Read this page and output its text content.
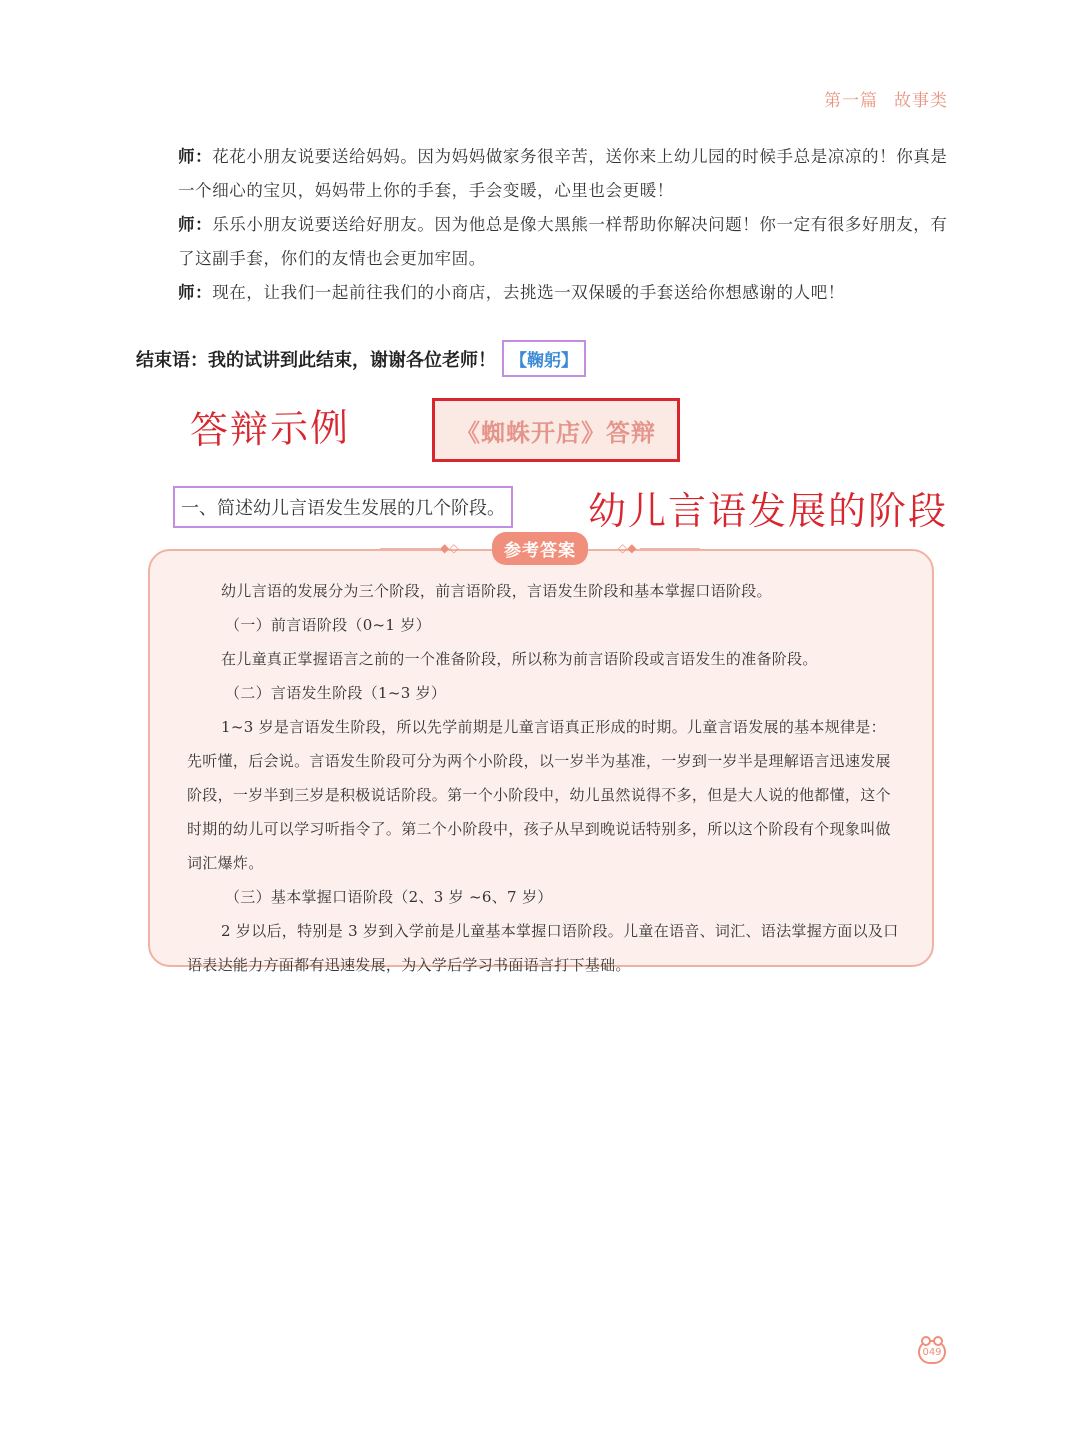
第一篇 故事类

师：花花小朋友说要送给妈妈。因为妈妈做家务很辛苦，送你来上幼儿园的时候手总是凉凉的！你真是一个细心的宝贝，妈妈带上你的手套，手会变暖，心里也会更暖！

师：乐乐小朋友说要送给好朋友。因为他总是像大黑熊一样帮助你解决问题！你一定有很多好朋友，有了这副手套，你们的友情也会更加牢固。

师：现在，让我们一起前往我们的小商店，去挑选一双保暖的手套送给你想感谢的人吧！

结束语：我的试讲到此结束，谢谢各位老师！ 【鞠躬】
答辩示例	《蜘蛛开店》答辩
一、简述幼儿言语发生发展的几个阶段。 幼儿言语发展的阶段
◆◇	◇◆
参考答案

幼儿言语的发展分为三个阶段，前言语阶段，言语发生阶段和基本掌握口语阶段。

（一）前言语阶段（0~1 岁）

在儿童真正掌握语言之前的一个准备阶段，所以称为前言语阶段或言语发生的准备阶段。

（二）言语发生阶段（1~3 岁）

1~3 岁是言语发生阶段，所以先学前期是儿童言语真正形成的时期。儿童言语发展的基本规律是：先听懂，后会说。言语发生阶段可分为两个小阶段，以一岁半为基准，一岁到一岁半是理解语言迅速发展阶段，一岁半到三岁是积极说话阶段。第一个小阶段中，幼儿虽然说得不多，但是大人说的他都懂，这个时期的幼儿可以学习听指令了。第二个小阶段中，孩子从早到晚说话特别多，所以这个阶段有个现象叫做词汇爆炸。

（三）基本掌握口语阶段（2、3 岁 ~6、7 岁）

2 岁以后，特别是 3 岁到入学前是儿童基本掌握口语阶段。儿童在语音、词汇、语法掌握方面以及口语表达能力方面都有迅速发展，为入学后学习书面语言打下基础。

049
